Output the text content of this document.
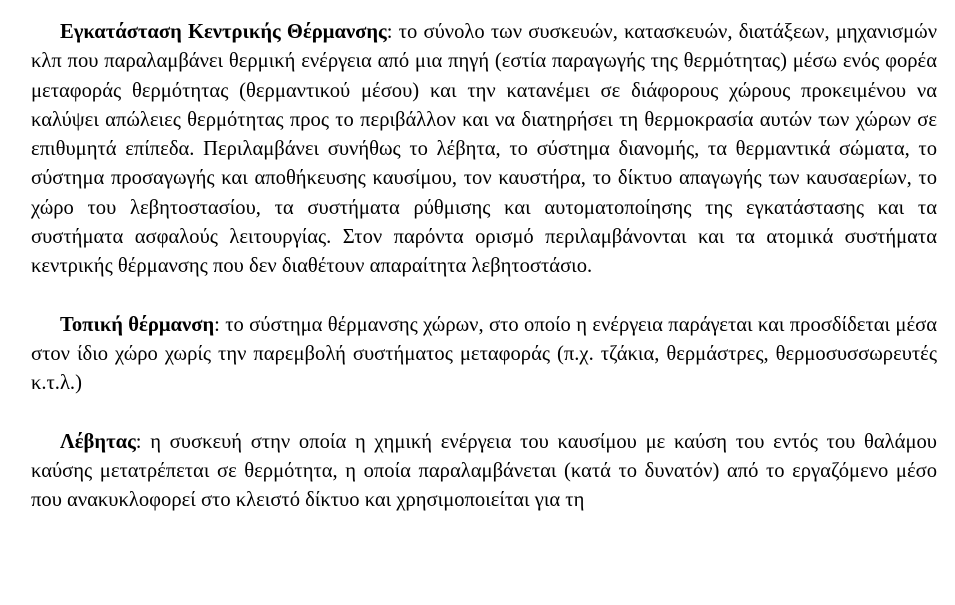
Εγκατάσταση Κεντρικής Θέρμανσης: το σύνολο των συσκευών, κατασκευών, διατάξεων, μηχανισμών κλπ που παραλαμβάνει θερμική ενέργεια από μια πηγή (εστία παραγωγής της θερμότητας) μέσω ενός φορέα μεταφοράς θερμότητας (θερμαντικού μέσου) και την κατανέμει σε διάφορους χώρους προκειμένου να καλύψει απώλειες θερμότητας προς το περιβάλλον και να διατηρήσει τη θερμοκρασία αυτών των χώρων σε επιθυμητά επίπεδα. Περιλαμβάνει συνήθως το λέβητα, το σύστημα διανομής, τα θερμαντικά σώματα, το σύστημα προσαγωγής και αποθήκευσης καυσίμου, τον καυστήρα, το δίκτυο απαγωγής των καυσαερίων, το χώρο του λεβητοστασίου, τα συστήματα ρύθμισης και αυτοματοποίησης της εγκατάστασης και τα συστήματα ασφαλούς λειτουργίας. Στον παρόντα ορισμό περιλαμβάνονται και τα ατομικά συστήματα κεντρικής θέρμανσης που δεν διαθέτουν απαραίτητα λεβητοστάσιο.

Τοπική θέρμανση: το σύστημα θέρμανσης χώρων, στο οποίο η ενέργεια παράγεται και προσδίδεται μέσα στον ίδιο χώρο χωρίς την παρεμβολή συστήματος μεταφοράς (π.χ. τζάκια, θερμάστρες, θερμοσυσσωρευτές κ.τ.λ.)

Λέβητας: η συσκευή στην οποία η χημική ενέργεια του καυσίμου με καύση του εντός του θαλάμου καύσης μετατρέπεται σε θερμότητα, η οποία παραλαμβάνεται (κατά το δυνατόν) από το εργαζόμενο μέσο που ανακυκλοφορεί στο κλειστό δίκτυο και χρησιμοποιείται για τη
